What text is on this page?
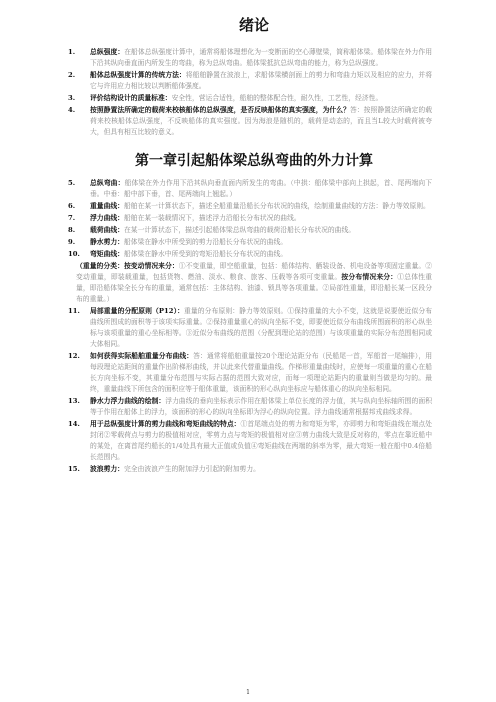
绪论
1.	总纵强度：在船体总纵强度计算中，通常将船体理想化为一变断面的空心薄壁梁，简称船体梁。船体梁在外力作用下沿其纵向垂直面内所发生的弯曲，称为总纵弯曲。船体梁抵抗总纵弯曲的能力，称为总纵强度。
2.	船体总纵强度计算的传统方法：将船舶静置在波浪上，求船体梁横剖面上的剪力和弯曲力矩以及相应的应力，并将它与许用应力相比较以判断船体强度。
3.	评价结构设计的质量标准：安全性，营运合适性，船舶的整体配合性，耐久性，工艺性，经济性。
4.	按照静置法所确定的载荷来校核船体的总纵强度，是否反映船体的真实强度，为什么？答：按照静置法所确定的载荷来校核船体总纵强度，不反映船体的真实强度。因为海浪是随机的，载荷是动态的，而且当L较大时载荷被夸大，但具有相互比较的意义。
第一章引起船体梁总纵弯曲的外力计算
5.	总纵弯曲：船体梁在外力作用下沿其纵向垂直面内所发生的弯曲。（中拱：船体梁中部向上拱起，首、尾两端向下垂。中垂：船中部下垂，首、尾两端向上翘起。）
6.	重量曲线：船舶在某一计算状态下，描述全船重量沿船长分布状况的曲线，绘制重量曲线的方法：静力等效原则。
7.	浮力曲线：船舶在某一装载情况下，描述浮力沿船长分布状况的曲线。
8.	载荷曲线：在某一计算状态下，描述引起船体梁总纵弯曲的载荷沿船长分布状况的曲线。
9.	静水剪力：船体梁在静水中所受到的剪力沿船长分布状况的曲线。
10.	弯矩曲线：船体梁在静水中所受到的弯矩沿船长分布状况的曲线。

（重量的分类：按变动情况来分：①不变重量，即空船重量，包括：船体结构、舾装设备、机电设备等项固定重量。②变动重量，即装载重量，包括货物、燃油、淡水、粮食、旅客、压载等各项可变重量。按分布情况来分：①总体性重量，即沿船体梁全长分布的重量，通常包括：主体结构、油漆、锁具等各项重量。②局部性重量，即沿船长某一区段分布的重量。）

11.	局部重量的分配原则（P12）：重量的分布原则：静力等效原则。①保持重量的大小不变，这就是说要使近似分布曲线所围成的面积等于该项实际重量。②保持重量重心的纵向坐标不变，即要使近似分布曲线所围面积的形心纵坐标与该项重量的重心坐标相等。③近似分布曲线的范围（分配到理论站的范围）与该项重量的实际分布范围相同或大体相同。
12.	如何获得实际船舶重量分布曲线：答：通常将船舶重量按20个理论站距分布（民船尾一首，军船首一尾编排），用每段理论站距间的重量作出阶梯形曲线，并以此来代替重量曲线。作梯形重量曲线时，应使每一项重量的重心在船长方向坐标不变，其重量分布范围与实际占据的范围大致对应，而每一项理论站距内的重量则当做是均匀的。最终，重量曲线下所包含的面积应等于船体重量，该面积的形心纵向坐标应与船体重心的纵向坐标相同。
13.	静水力浮力曲线的绘制：浮力曲线的垂向坐标表示作用在船体梁上单位长度的浮力值，其与纵向坐标轴所围的面积等于作用在船体上的浮力，该面积的形心的纵向坐标即为浮心的纵向位置。浮力曲线通常根据邦戎曲线求得。
14.	用于总纵强度计算的剪力曲线和弯矩曲线的特点：①首尾端点处的剪力和弯矩为零，亦即剪力和弯矩曲线在端点处封闭②零载荷点与剪力的极值相对应，零剪力点与弯矩的极值相对应③剪力曲线大致是反对称的，零点在靠近船中的某处，在离首尾约船长的1/4处具有最大正值或负值④弯矩曲线在两端的斜率为零，最大弯矩一般在船中0.4倍船长范围内。
15.	波浪剪力：完全由波浪产生的附加浮力引起的附加剪力。
1
